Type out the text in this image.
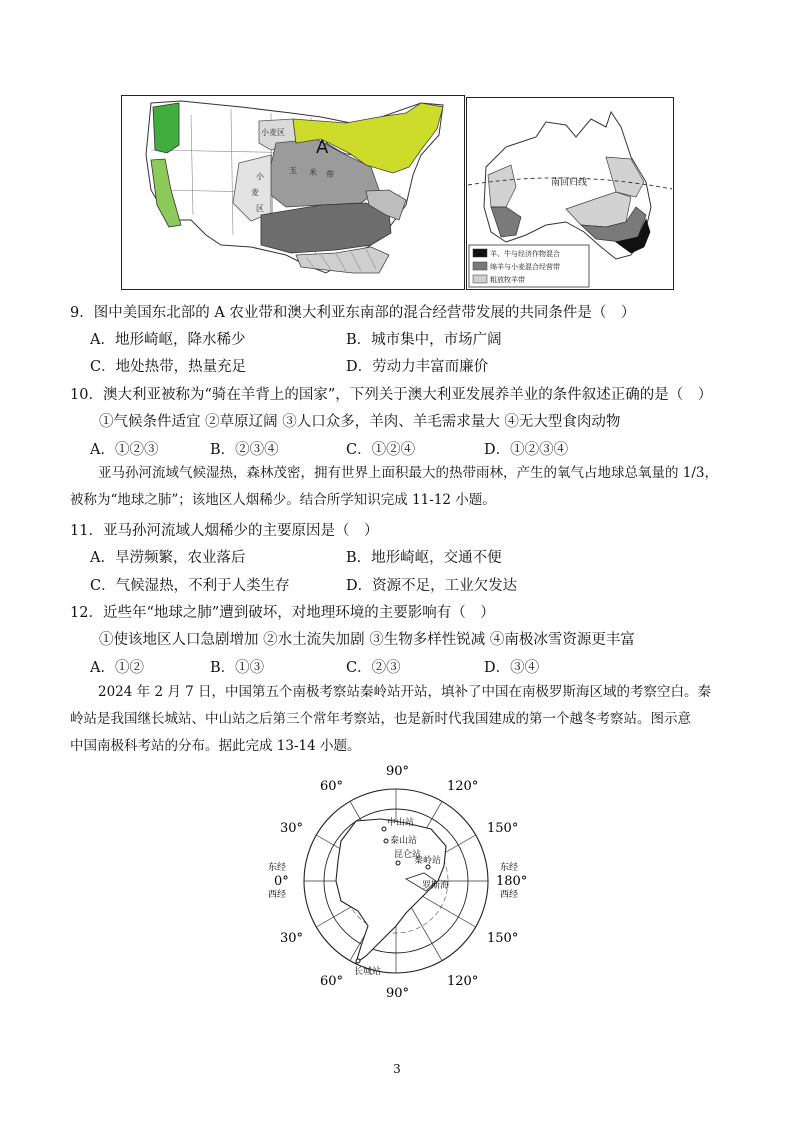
A
小麦区
玉 米 带
小
麦
区
南回归线
羊、牛与经济作物混合
绵羊与小麦混合经营带
粗放牧羊带
9．图中美国东北部的 A 农业带和澳大利亚东南部的混合经营带发展的共同条件是（　）
A．地形崎岖，降水稀少	B．城市集中，市场广阔
C．地处热带，热量充足	D．劳动力丰富而廉价
10．澳大利亚被称为“骑在羊背上的国家”，下列关于澳大利亚发展养羊业的条件叙述正确的是（　）
①气候条件适宜 ②草原辽阔 ③人口众多，羊肉、羊毛需求量大 ④无大型食肉动物
A．①②③	B．②③④	C．①②④	D．①②③④

亚马孙河流域气候湿热，森林茂密，拥有世界上面积最大的热带雨林，产生的氧气占地球总氧量的 1/3，

被称为“地球之肺”；该地区人烟稀少。结合所学知识完成 11-12 小题。

11．亚马孙河流域人烟稀少的主要原因是（　）
A．旱涝频繁，农业落后	B．地形崎岖，交通不便
C．气候湿热，不利于人类生存	D．资源不足，工业欠发达
12．近些年“地球之肺”遭到破坏，对地理环境的主要影响有（　）
①使该地区人口急剧增加 ②水土流失加剧 ③生物多样性锐减 ④南极冰雪资源更丰富
A．①②	B．①③	C．②③	D．③④

2024 年 2 月 7 日，中国第五个南极考察站秦岭站开站，填补了中国在南极罗斯海区域的考察空白。秦

岭站是我国继长城站、中山站之后第三个常年考察站，也是新时代我国建成的第一个越冬考察站。图示意

中国南极科考站的分布。据此完成 13-14 小题。

中山站
泰山站
昆仑站
秦岭站
罗斯海
长城站
90°
90°
60°
30°
30°
60°
120°
150°
150°
120°
东经
0°
西经
东经
180°
西经
3
